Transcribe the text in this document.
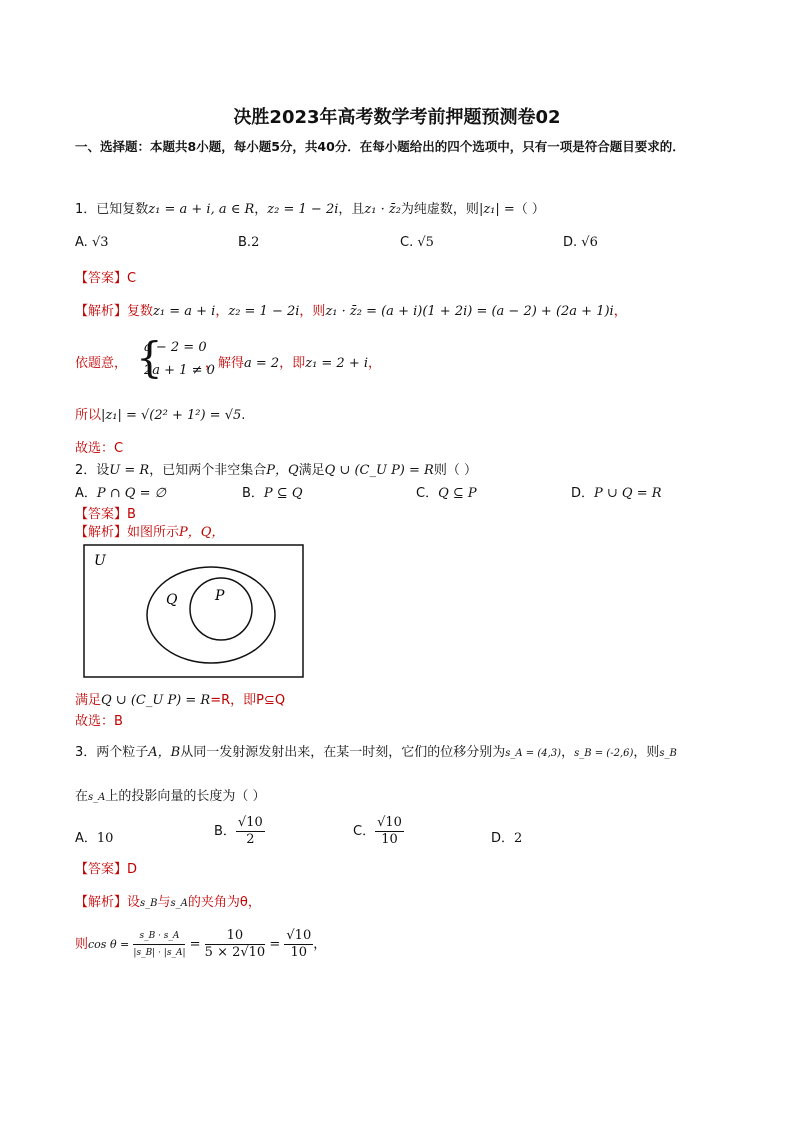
决胜2023年高考数学考前押题预测卷02
一、选择题：本题共8小题，每小题5分，共40分．在每小题给出的四个选项中，只有一项是符合题目要求的．
1．已知复数z₁ = a + i, a ∈ R，z₂ = 1 − 2i，且z₁ · z̄₂为纯虚数，则|z₁| =（ ）
A. √3	B.2	C. √5	D. √6
【答案】C
【解析】复数z₁ = a + i，z₂ = 1 − 2i，则z₁ · z̄₂ = (a + i)(1 + 2i) = (a − 2) + (2a + 1)i，
依题意， {
a − 2 = 0
2a + 1 ≠ 0
，解得a = 2，即z₁ = 2 + i，
所以|z₁| = √(2² + 1²) = √5.
故选：C
2．设U = R，已知两个非空集合P，Q满足Q ∪ (C_U P) = R则（ ）
A．P ∩ Q = ∅	B．P ⊆ Q	C．Q ⊆ P	D．P ∪ Q = R
【答案】B
【解析】如图所示P，Q，
U
Q	P
满足Q ∪ (C_U P) = R=R，即P⊆Q
故选：B
3．两个粒子A，B从同一发射源发射出来，在某一时刻，它们的位移分别为s_A = (4,3)，s_B = (-2,6)，则s_B
在s_A上的投影向量的长度为（ ）
A．10	B． $\frac{√10}{2}$	C． $\frac{√10}{10}$	D．2
【答案】D
【解析】设s_B与s_A的夹角为θ，
则$\cos \theta = \frac{s\_B \cdot s\_A}{|s\_B| \cdot |s\_A|} = \frac{10}{5 \times 2√10} = \frac{√10}{10}$ ，
